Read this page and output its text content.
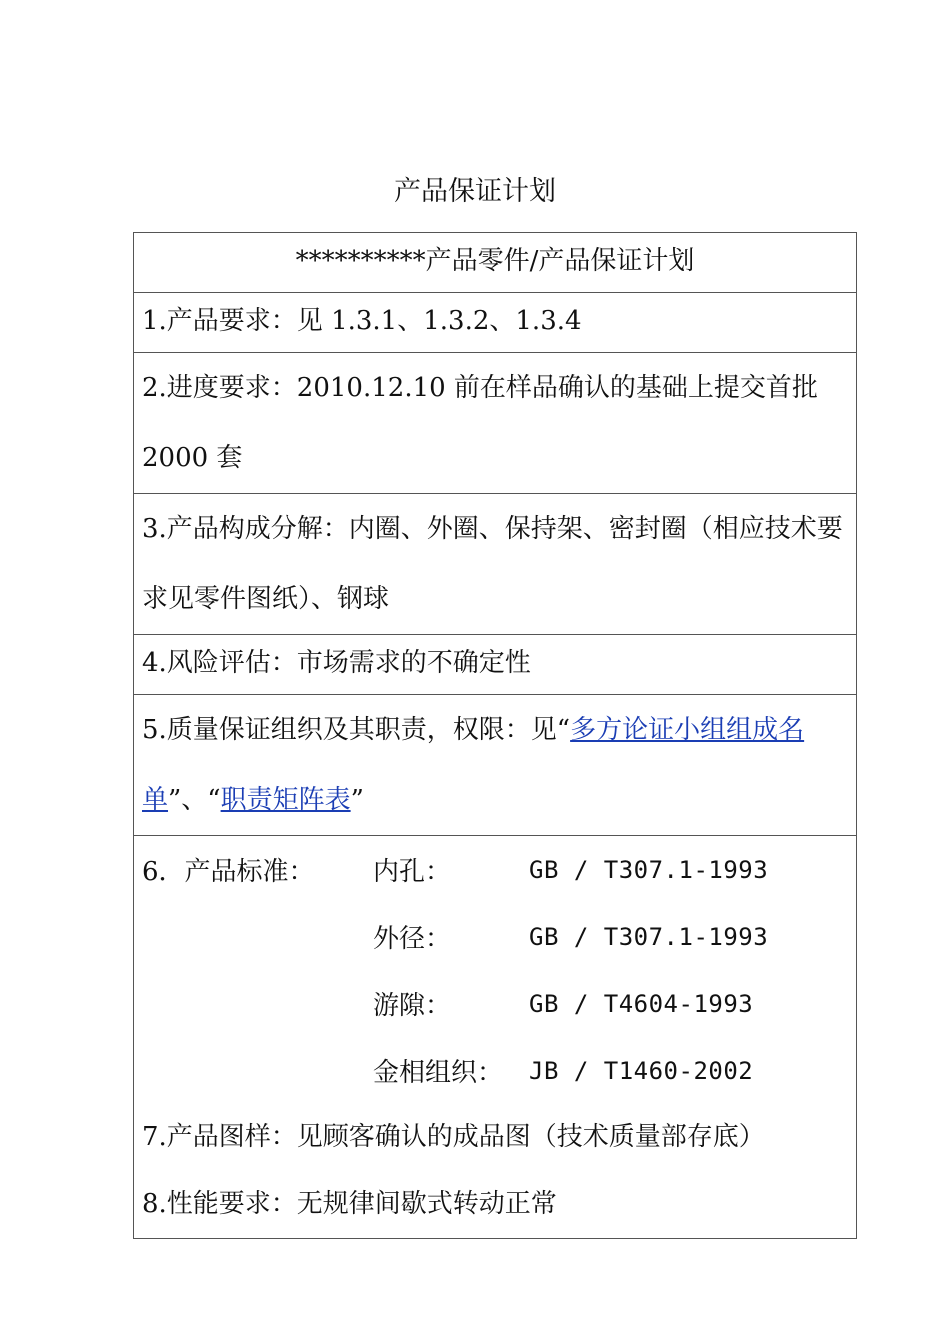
产品保证计划
**********产品零件/产品保证计划
1.产品要求：见 1.3.1、1.3.2、1.3.4
2.进度要求：2010.12.10 前在样品确认的基础上提交首批2000 套
3.产品构成分解：内圈、外圈、保持架、密封圈（相应技术要求见零件图纸）、钢球
4.风险评估：市场需求的不确定性
5.质量保证组织及其职责，权限：见“多方论证小组组成名单”、“职责矩阵表”

6．产品标准：	内孔：	GB / T307.1-1993
外径：	GB / T307.1-1993
游隙：	GB / T4604-1993
金相组织：	JB / T1460-2002
7.产品图样：见顾客确认的成品图（技术质量部存底）
8.性能要求：无规律间歇式转动正常
